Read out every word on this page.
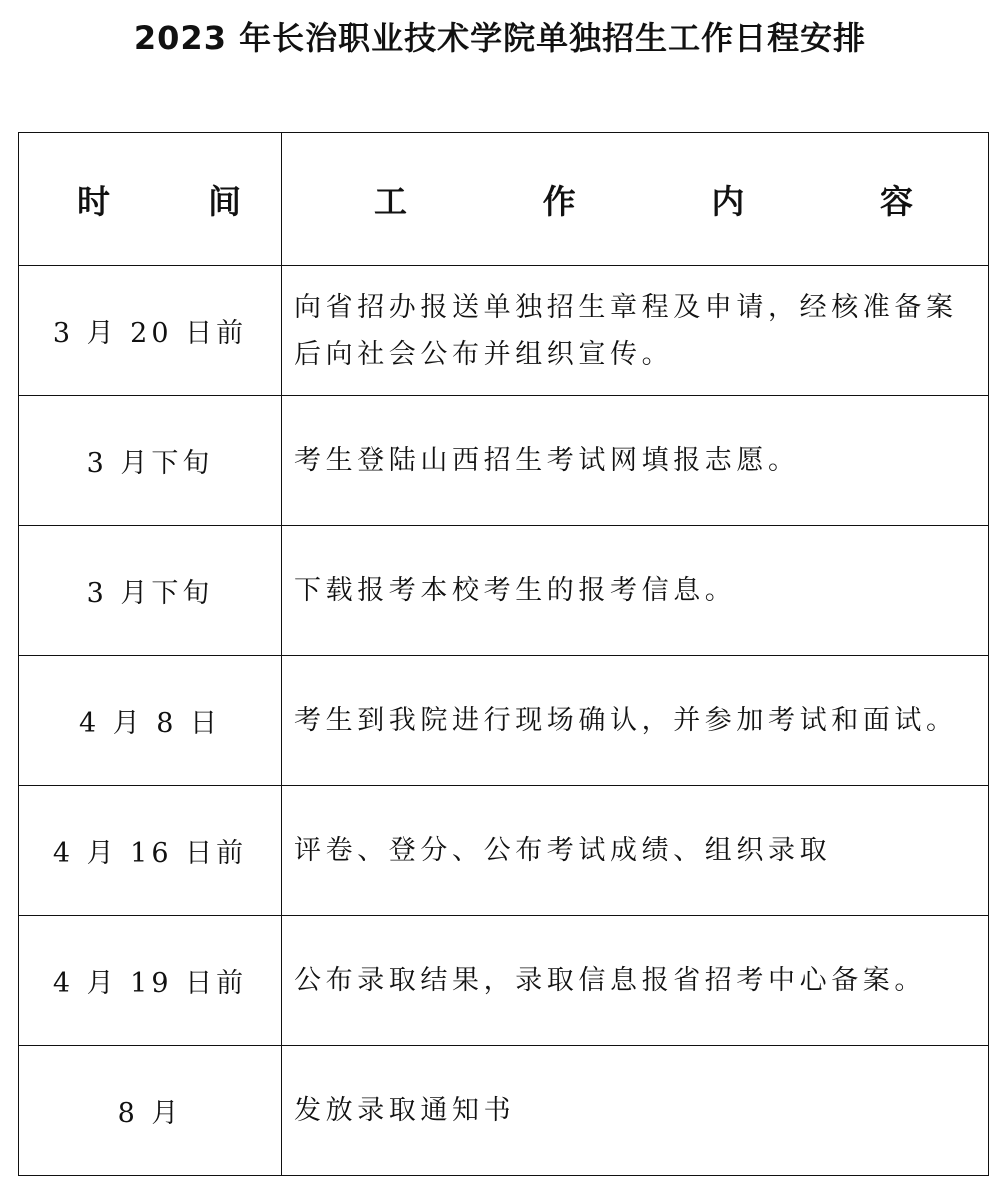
2023 年长治职业技术学院单独招生工作日程安排
时 间	工 作 内 容

3 月 20 日前	向省招办报送单独招生章程及申请，经核准备案后向社会公布并组织宣传。
3 月下旬	考生登陆山西招生考试网填报志愿。
3 月下旬	下载报考本校考生的报考信息。
4 月 8 日	考生到我院进行现场确认，并参加考试和面试。
4 月 16 日前	评卷、登分、公布考试成绩、组织录取
4 月 19 日前	公布录取结果，录取信息报省招考中心备案。
8 月	发放录取通知书
